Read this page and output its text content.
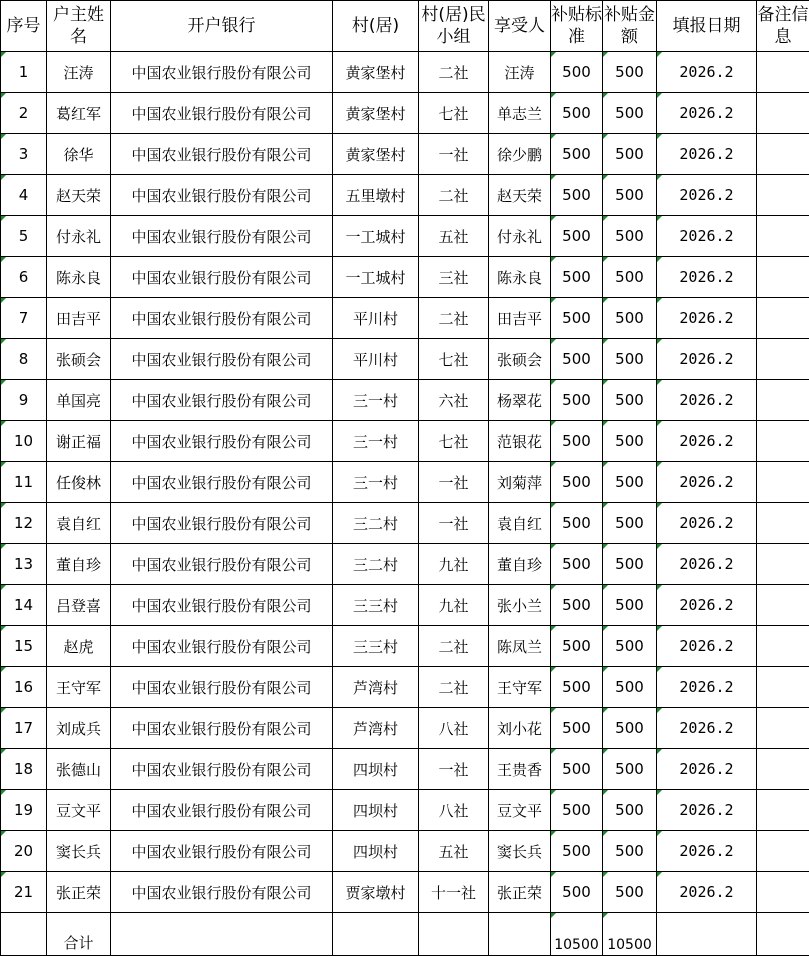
序号	户主姓名	开户银行	村(居)	村(居)民小组	享受人	补贴标准	补贴金额	填报日期	备注信息
1	汪涛	中国农业银行股份有限公司	黄家堡村	二社	汪涛	500	500	2026.2	
2	葛红军	中国农业银行股份有限公司	黄家堡村	七社	单志兰	500	500	2026.2	
3	徐华	中国农业银行股份有限公司	黄家堡村	一社	徐少鹏	500	500	2026.2	
4	赵天荣	中国农业银行股份有限公司	五里墩村	二社	赵天荣	500	500	2026.2	
5	付永礼	中国农业银行股份有限公司	一工城村	五社	付永礼	500	500	2026.2	
6	陈永良	中国农业银行股份有限公司	一工城村	三社	陈永良	500	500	2026.2	
7	田吉平	中国农业银行股份有限公司	平川村	二社	田吉平	500	500	2026.2	
8	张硕会	中国农业银行股份有限公司	平川村	七社	张硕会	500	500	2026.2	
9	单国亮	中国农业银行股份有限公司	三一村	六社	杨翠花	500	500	2026.2	
10	谢正福	中国农业银行股份有限公司	三一村	七社	范银花	500	500	2026.2	
11	任俊林	中国农业银行股份有限公司	三一村	一社	刘菊萍	500	500	2026.2	
12	袁自红	中国农业银行股份有限公司	三二村	一社	袁自红	500	500	2026.2	
13	董自珍	中国农业银行股份有限公司	三二村	九社	董自珍	500	500	2026.2	
14	吕登喜	中国农业银行股份有限公司	三三村	九社	张小兰	500	500	2026.2	
15	赵虎	中国农业银行股份有限公司	三三村	二社	陈凤兰	500	500	2026.2	
16	王守军	中国农业银行股份有限公司	芦湾村	二社	王守军	500	500	2026.2	
17	刘成兵	中国农业银行股份有限公司	芦湾村	八社	刘小花	500	500	2026.2	
18	张德山	中国农业银行股份有限公司	四坝村	一社	王贵香	500	500	2026.2	
19	豆文平	中国农业银行股份有限公司	四坝村	八社	豆文平	500	500	2026.2	
20	窦长兵	中国农业银行股份有限公司	四坝村	五社	窦长兵	500	500	2026.2	
21	张正荣	中国农业银行股份有限公司	贾家墩村	十一社	张正荣	500	500	2026.2	
	合计					10500	10500		
